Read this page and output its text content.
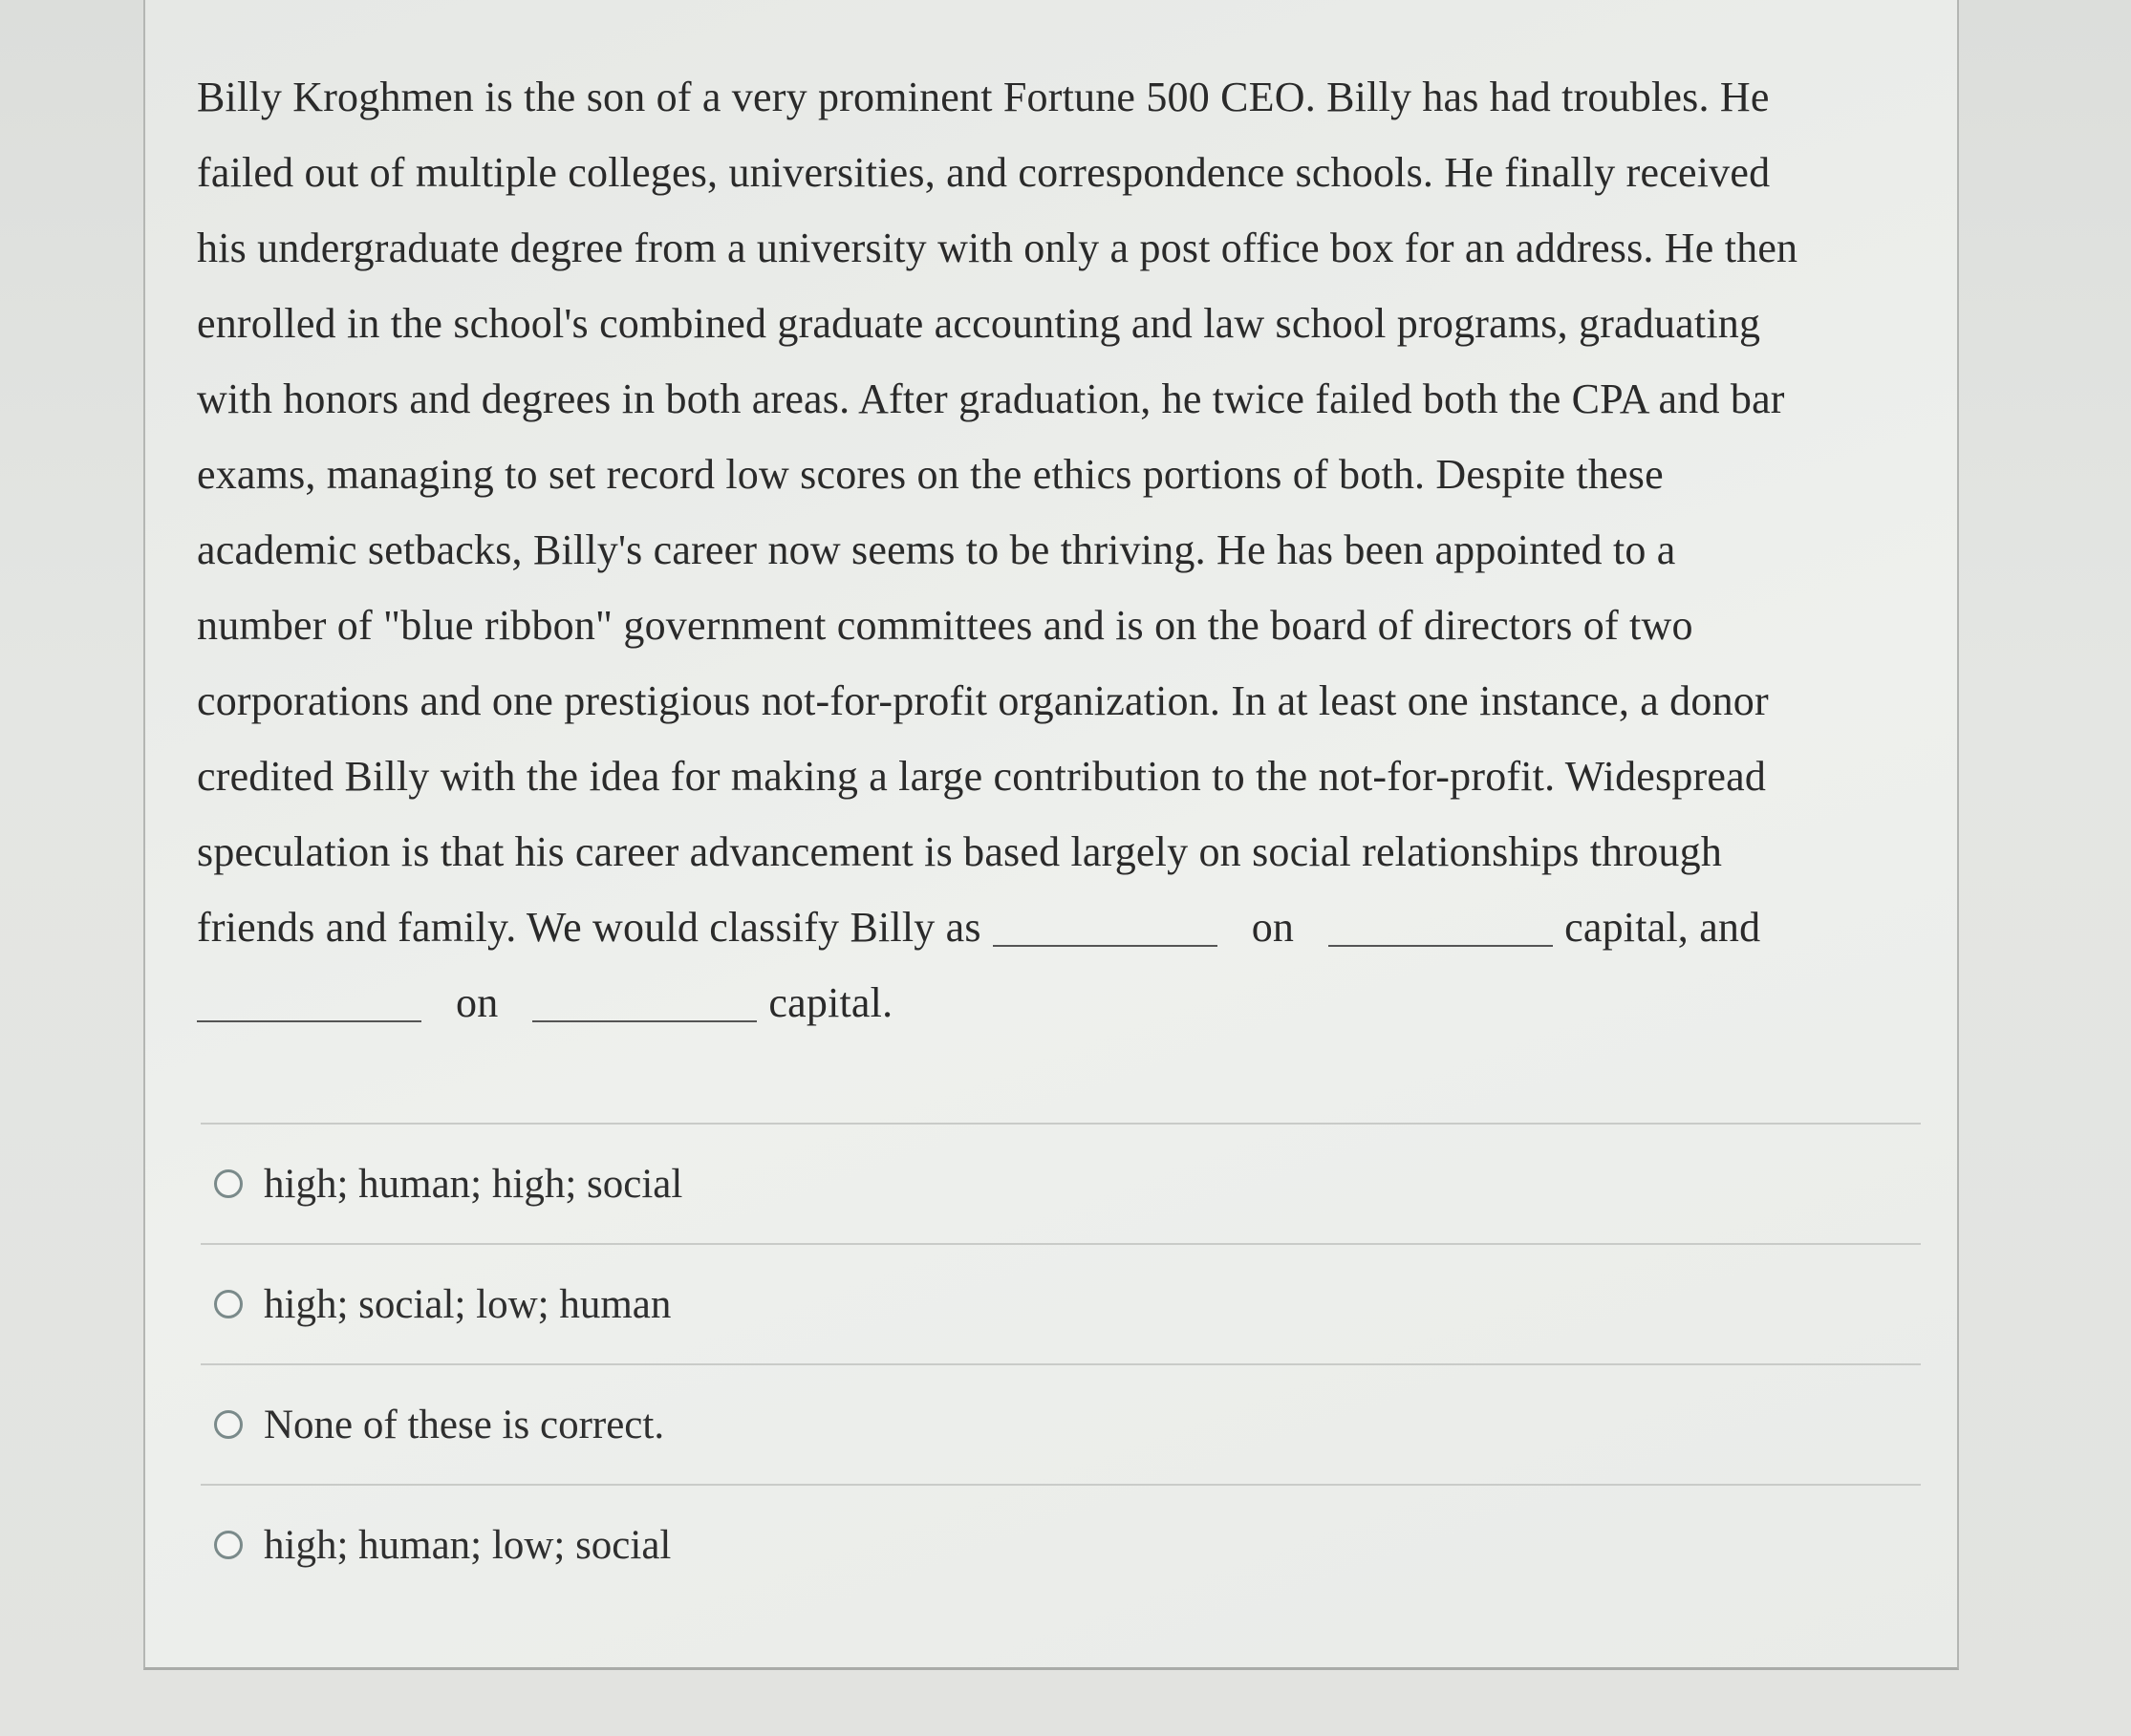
Billy Kroghmen is the son of a very prominent Fortune 500 CEO. Billy has had troubles. He

failed out of multiple colleges, universities, and correspondence schools. He finally received

his undergraduate degree from a university with only a post office box for an address. He then

enrolled in the school's combined graduate accounting and law school programs, graduating

with honors and degrees in both areas. After graduation, he twice failed both the CPA and bar

exams, managing to set record low scores on the ethics portions of both. Despite these

academic setbacks, Billy's career now seems to be thriving. He has been appointed to a

number of "blue ribbon" government committees and is on the board of directors of two

corporations and one prestigious not-for-profit organization. In at least one instance, a donor

credited Billy with the idea for making a large contribution to the not-for-profit. Widespread

speculation is that his career advancement is based largely on social relationships through

friends and family. We would classify Billy as	on	capital, and

on	capital.

high; human; high; social
high; social; low; human
None of these is correct.
high; human; low; social
